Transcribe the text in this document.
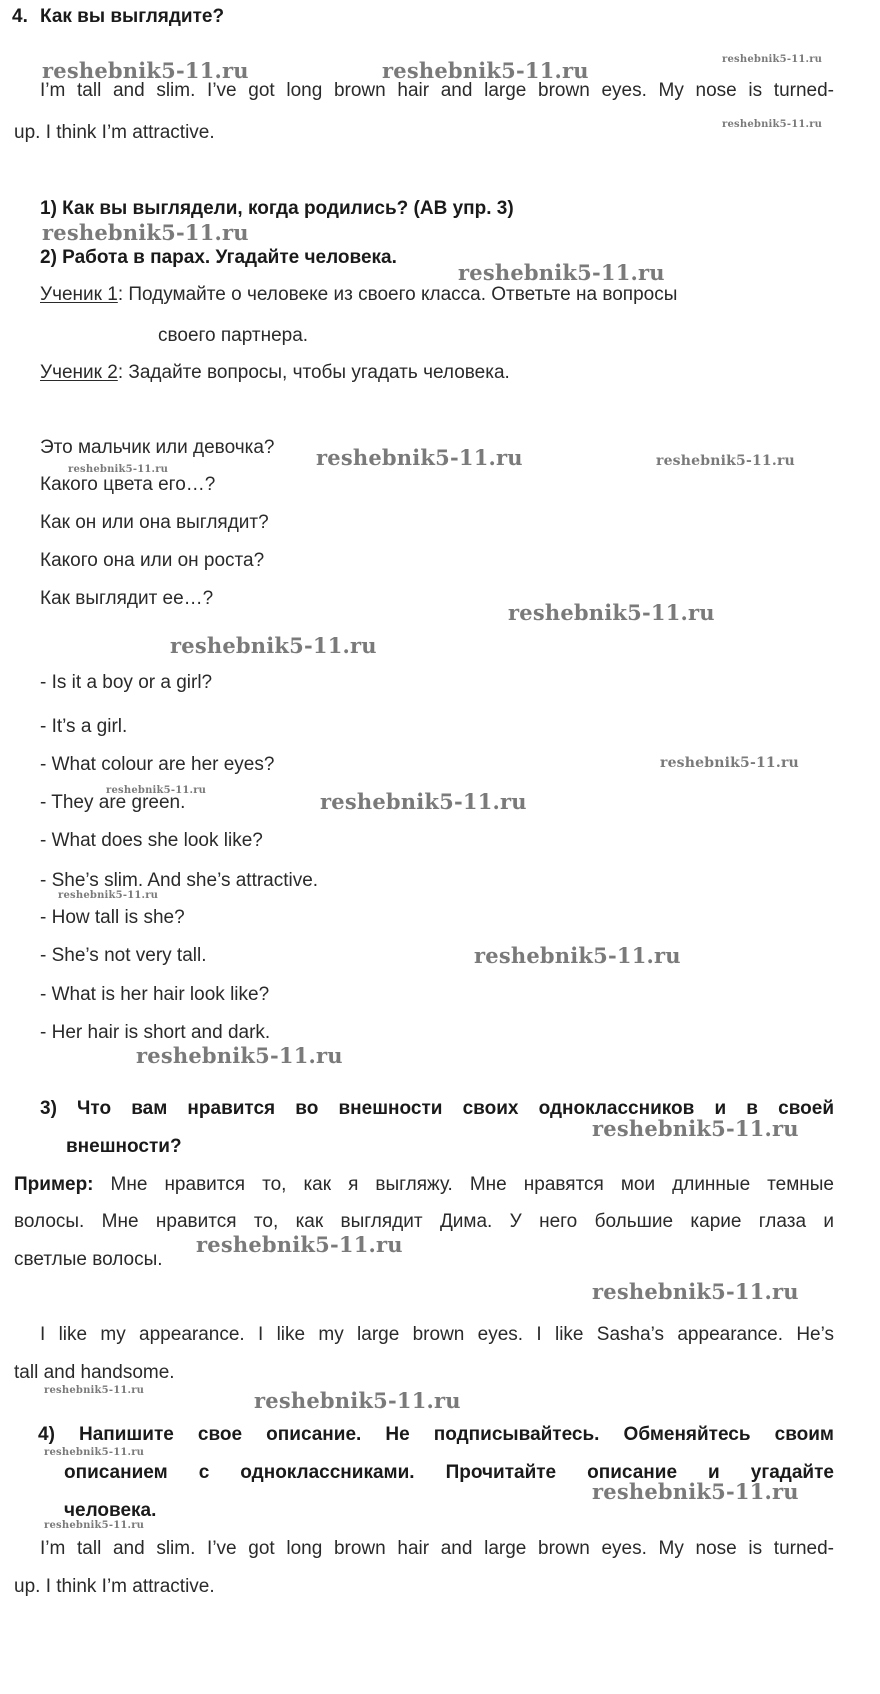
4. Как вы выглядите?
I’m tall and slim. I’ve got long brown hair and large brown eyes. My nose is turned-
up. I think I’m attractive.
1) Как вы выглядели, когда родились? (АВ упр. 3)
2) Работа в парах. Угадайте человека.
Ученик 1: Подумайте о человеке из своего класса. Ответьте на вопросы
своего партнера.
Ученик 2: Задайте вопросы, чтобы угадать человека.
Это мальчик или девочка?
Какого цвета его…?
Как он или она выглядит?
Какого она или он роста?
Как выглядит ее…?
- Is it a boy or a girl?
- It’s a girl.
- What colour are her eyes?
- They are green.
- What does she look like?
- She’s slim. And she’s attractive.
- How tall is she?
- She’s not very tall.
- What is her hair look like?
- Her hair is short and dark.
3) Что вам нравится во внешности своих одноклассников и в своей
внешности?
Пример: Мне нравится то, как я выгляжу. Мне нравятся мои длинные темные
волосы. Мне нравится то, как выглядит Дима. У него большие карие глаза и
светлые волосы.
I like my appearance. I like my large brown eyes. I like Sasha’s appearance. He’s
tall and handsome.
4) Напишите свое описание. Не подписывайтесь. Обменяйтесь своим
описанием с одноклассниками. Прочитайте описание и угадайте
человека.
I’m tall and slim. I’ve got long brown hair and large brown eyes. My nose is turned-
up. I think I’m attractive.
reshebnik5-11.ru	reshebnik5-11.ru	reshebnik5-11.ru
reshebnik5-11.ru
reshebnik5-11.ru
reshebnik5-11.ru
reshebnik5-11.ru	reshebnik5-11.ru
reshebnik5-11.ru
reshebnik5-11.ru
reshebnik5-11.ru
reshebnik5-11.ru
reshebnik5-11.ru	reshebnik5-11.ru
reshebnik5-11.ru
reshebnik5-11.ru
reshebnik5-11.ru
reshebnik5-11.ru
reshebnik5-11.ru
reshebnik5-11.ru
reshebnik5-11.ru	reshebnik5-11.ru
reshebnik5-11.ru
reshebnik5-11.ru
reshebnik5-11.ru
